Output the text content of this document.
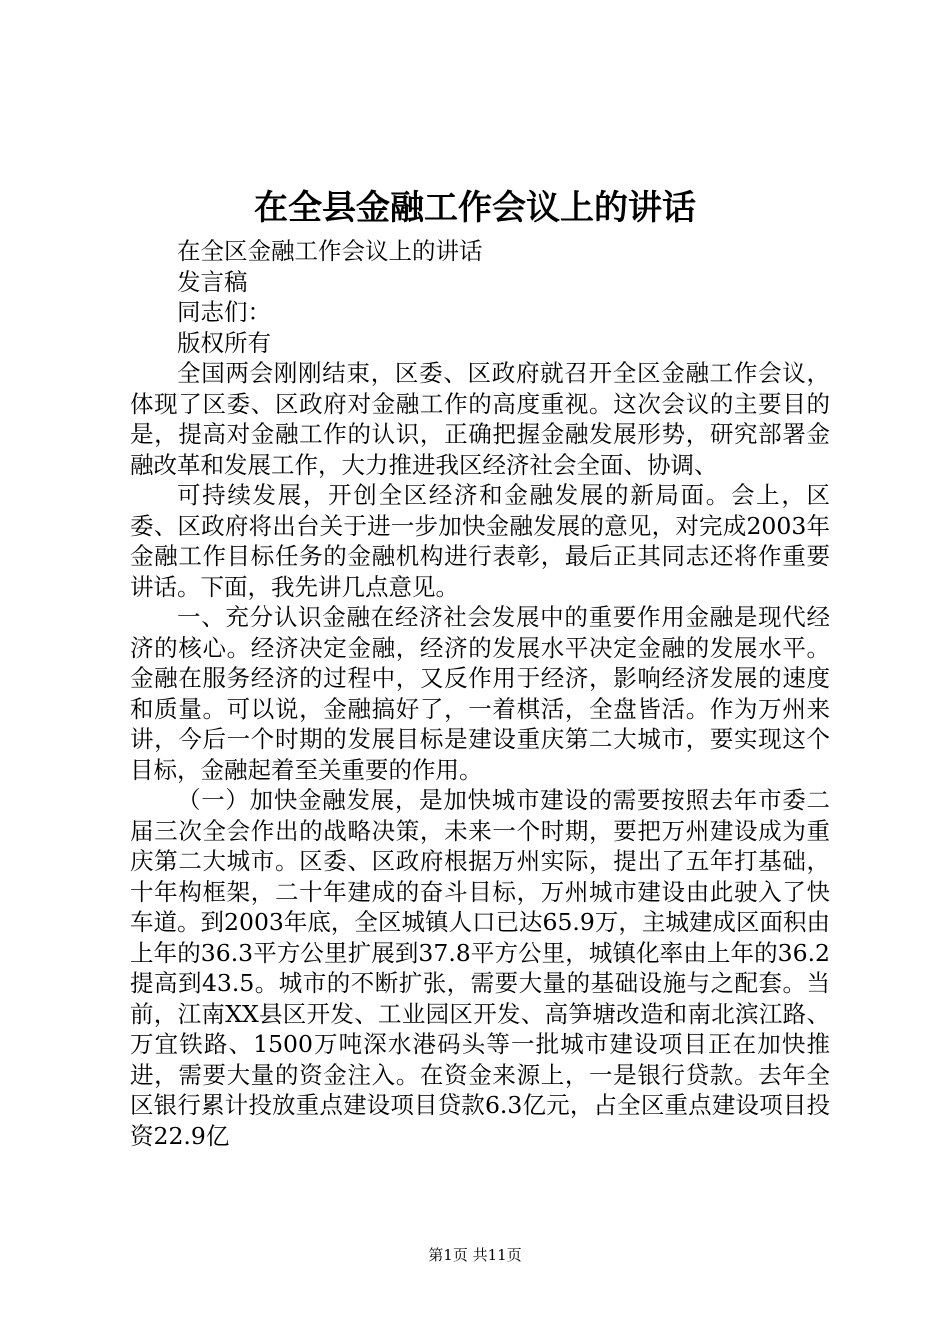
在全县金融工作会议上的讲话

在全区金融工作会议上的讲话

发言稿

同志们：

版权所有

全国两会刚刚结束，区委、区政府就召开全区金融工作会议，体现了区委、区政府对金融工作的高度重视。这次会议的主要目的是，提高对金融工作的认识，正确把握金融发展形势，研究部署金融改革和发展工作，大力推进我区经济社会全面、协调、

可持续发展，开创全区经济和金融发展的新局面。会上，区委、区政府将出台关于进一步加快金融发展的意见，对完成2003年金融工作目标任务的金融机构进行表彰，最后正其同志还将作重要讲话。下面，我先讲几点意见。

一、充分认识金融在经济社会发展中的重要作用金融是现代经济的核心。经济决定金融，经济的发展水平决定金融的发展水平。金融在服务经济的过程中，又反作用于经济，影响经济发展的速度和质量。可以说，金融搞好了，一着棋活，全盘皆活。作为万州来讲，今后一个时期的发展目标是建设重庆第二大城市，要实现这个目标，金融起着至关重要的作用。

（一）加快金融发展，是加快城市建设的需要按照去年市委二届三次全会作出的战略决策，未来一个时期，要把万州建设成为重庆第二大城市。区委、区政府根据万州实际，提出了五年打基础，十年构框架，二十年建成的奋斗目标，万州城市建设由此驶入了快车道。到2003年底，全区城镇人口已达65.9万，主城建成区面积由上年的36.3平方公里扩展到37.8平方公里，城镇化率由上年的36.2提高到43.5。城市的不断扩张，需要大量的基础设施与之配套。当前，江南XX县区开发、工业园区开发、高笋塘改造和南北滨江路、万宜铁路、1500万吨深水港码头等一批城市建设项目正在加快推进，需要大量的资金注入。在资金来源上，一是银行贷款。去年全区银行累计投放重点建设项目贷款6.3亿元，占全区重点建设项目投资22.9亿

第1页 共11页
